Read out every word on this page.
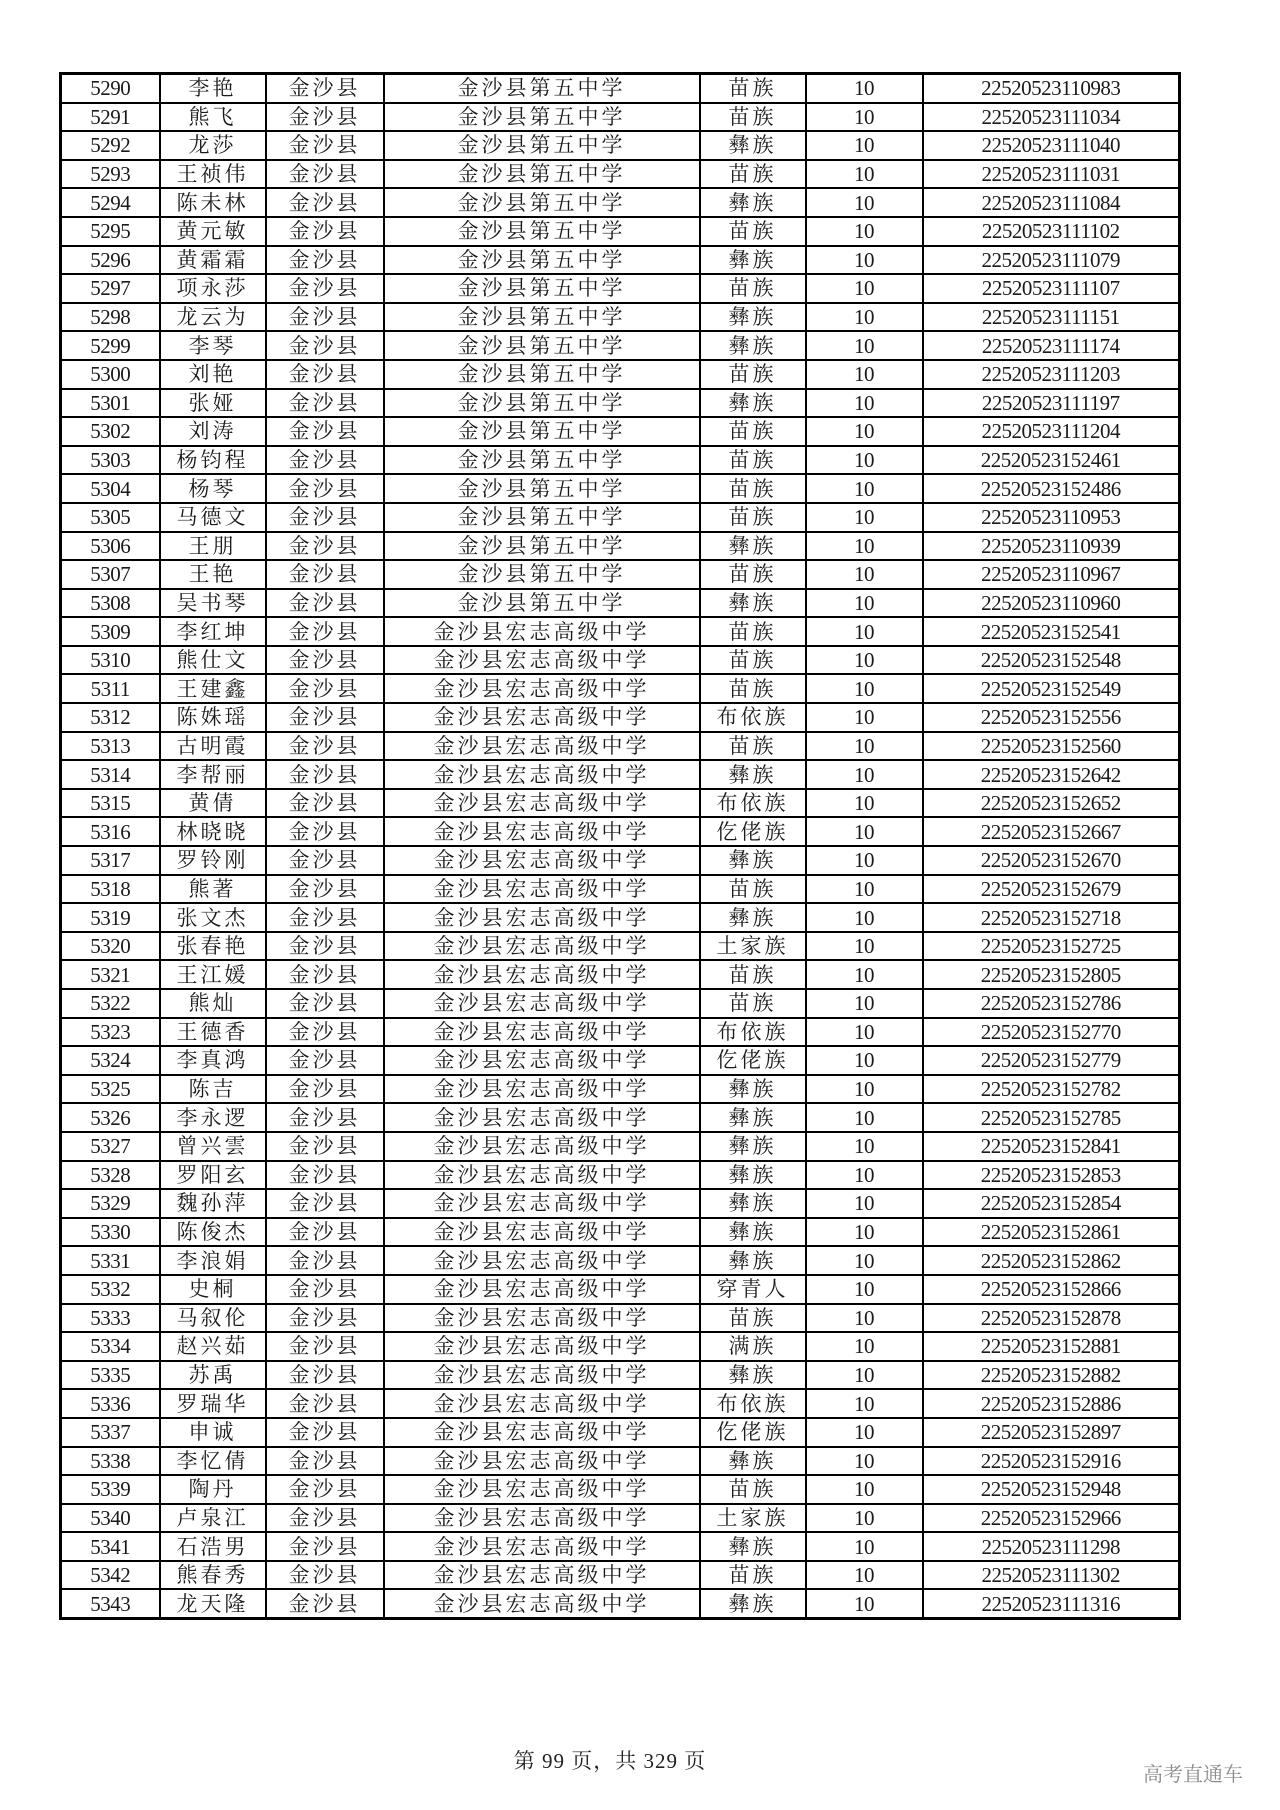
5290	李艳	金沙县	金沙县第五中学	苗族	10	22520523110983
5291	熊飞	金沙县	金沙县第五中学	苗族	10	22520523111034
5292	龙莎	金沙县	金沙县第五中学	彝族	10	22520523111040
5293	王祯伟	金沙县	金沙县第五中学	苗族	10	22520523111031
5294	陈未林	金沙县	金沙县第五中学	彝族	10	22520523111084
5295	黄元敏	金沙县	金沙县第五中学	苗族	10	22520523111102
5296	黄霜霜	金沙县	金沙县第五中学	彝族	10	22520523111079
5297	项永莎	金沙县	金沙县第五中学	苗族	10	22520523111107
5298	龙云为	金沙县	金沙县第五中学	彝族	10	22520523111151
5299	李琴	金沙县	金沙县第五中学	彝族	10	22520523111174
5300	刘艳	金沙县	金沙县第五中学	苗族	10	22520523111203
5301	张娅	金沙县	金沙县第五中学	彝族	10	22520523111197
5302	刘涛	金沙县	金沙县第五中学	苗族	10	22520523111204
5303	杨钧程	金沙县	金沙县第五中学	苗族	10	22520523152461
5304	杨琴	金沙县	金沙县第五中学	苗族	10	22520523152486
5305	马德文	金沙县	金沙县第五中学	苗族	10	22520523110953
5306	王朋	金沙县	金沙县第五中学	彝族	10	22520523110939
5307	王艳	金沙县	金沙县第五中学	苗族	10	22520523110967
5308	吴书琴	金沙县	金沙县第五中学	彝族	10	22520523110960
5309	李红坤	金沙县	金沙县宏志高级中学	苗族	10	22520523152541
5310	熊仕文	金沙县	金沙县宏志高级中学	苗族	10	22520523152548
5311	王建鑫	金沙县	金沙县宏志高级中学	苗族	10	22520523152549
5312	陈姝瑶	金沙县	金沙县宏志高级中学	布依族	10	22520523152556
5313	古明霞	金沙县	金沙县宏志高级中学	苗族	10	22520523152560
5314	李帮丽	金沙县	金沙县宏志高级中学	彝族	10	22520523152642
5315	黄倩	金沙县	金沙县宏志高级中学	布依族	10	22520523152652
5316	林晓晓	金沙县	金沙县宏志高级中学	仡佬族	10	22520523152667
5317	罗铃刚	金沙县	金沙县宏志高级中学	彝族	10	22520523152670
5318	熊著	金沙县	金沙县宏志高级中学	苗族	10	22520523152679
5319	张文杰	金沙县	金沙县宏志高级中学	彝族	10	22520523152718
5320	张春艳	金沙县	金沙县宏志高级中学	土家族	10	22520523152725
5321	王江媛	金沙县	金沙县宏志高级中学	苗族	10	22520523152805
5322	熊灿	金沙县	金沙县宏志高级中学	苗族	10	22520523152786
5323	王德香	金沙县	金沙县宏志高级中学	布依族	10	22520523152770
5324	李真鸿	金沙县	金沙县宏志高级中学	仡佬族	10	22520523152779
5325	陈吉	金沙县	金沙县宏志高级中学	彝族	10	22520523152782
5326	李永逻	金沙县	金沙县宏志高级中学	彝族	10	22520523152785
5327	曾兴雲	金沙县	金沙县宏志高级中学	彝族	10	22520523152841
5328	罗阳玄	金沙县	金沙县宏志高级中学	彝族	10	22520523152853
5329	魏孙萍	金沙县	金沙县宏志高级中学	彝族	10	22520523152854
5330	陈俊杰	金沙县	金沙县宏志高级中学	彝族	10	22520523152861
5331	李浪娟	金沙县	金沙县宏志高级中学	彝族	10	22520523152862
5332	史桐	金沙县	金沙县宏志高级中学	穿青人	10	22520523152866
5333	马叙伦	金沙县	金沙县宏志高级中学	苗族	10	22520523152878
5334	赵兴茹	金沙县	金沙县宏志高级中学	满族	10	22520523152881
5335	苏禹	金沙县	金沙县宏志高级中学	彝族	10	22520523152882
5336	罗瑞华	金沙县	金沙县宏志高级中学	布依族	10	22520523152886
5337	申诚	金沙县	金沙县宏志高级中学	仡佬族	10	22520523152897
5338	李忆倩	金沙县	金沙县宏志高级中学	彝族	10	22520523152916
5339	陶丹	金沙县	金沙县宏志高级中学	苗族	10	22520523152948
5340	卢泉江	金沙县	金沙县宏志高级中学	土家族	10	22520523152966
5341	石浩男	金沙县	金沙县宏志高级中学	彝族	10	22520523111298
5342	熊春秀	金沙县	金沙县宏志高级中学	苗族	10	22520523111302
5343	龙天隆	金沙县	金沙县宏志高级中学	彝族	10	22520523111316
第 99 页，共 329 页
高考直通车
